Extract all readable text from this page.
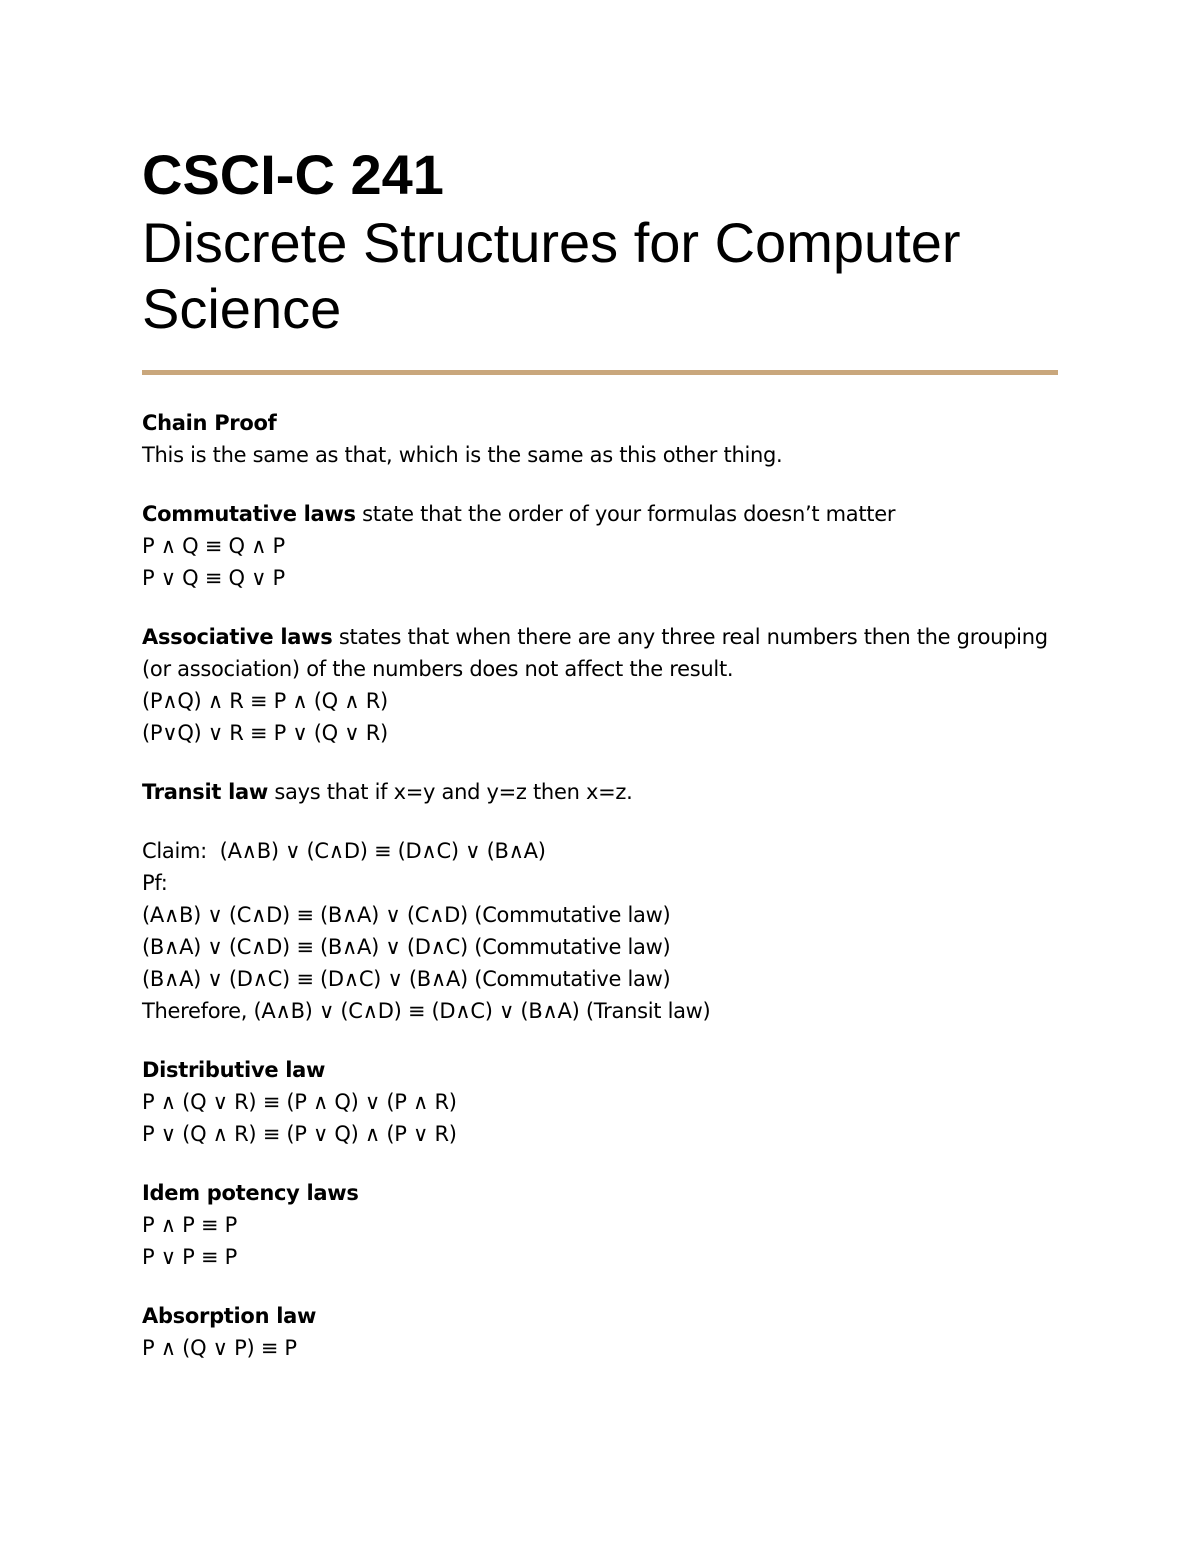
CSCI-C 241
Discrete Structures for Computer Science
Chain Proof
This is the same as that, which is the same as this other thing.
Commutative laws state that the order of your formulas doesn’t matter
P ∧ Q ≡ Q ∧ P
P ∨ Q ≡ Q ∨ P
Associative laws states that when there are any three real numbers then the grouping (or association) of the numbers does not affect the result.
(P∧Q) ∧ R ≡ P ∧ (Q ∧ R)
(P∨Q) ∨ R ≡ P ∨ (Q ∨ R)
Transit law says that if x=y and y=z then x=z.
Claim:  (A∧B) ∨ (C∧D) ≡ (D∧C) ∨ (B∧A)
Pf:
(A∧B) ∨ (C∧D) ≡ (B∧A) ∨ (C∧D) (Commutative law)
(B∧A) ∨ (C∧D) ≡ (B∧A) ∨ (D∧C) (Commutative law)
(B∧A) ∨ (D∧C) ≡ (D∧C) ∨ (B∧A) (Commutative law)
Therefore, (A∧B) ∨ (C∧D) ≡ (D∧C) ∨ (B∧A) (Transit law)
Distributive law
P ∧ (Q ∨ R) ≡ (P ∧ Q) ∨ (P ∧ R)
P ∨ (Q ∧ R) ≡ (P ∨ Q) ∧ (P ∨ R)
Idem potency laws
P ∧ P ≡ P
P ∨ P ≡ P
Absorption law
P ∧ (Q ∨ P) ≡ P
